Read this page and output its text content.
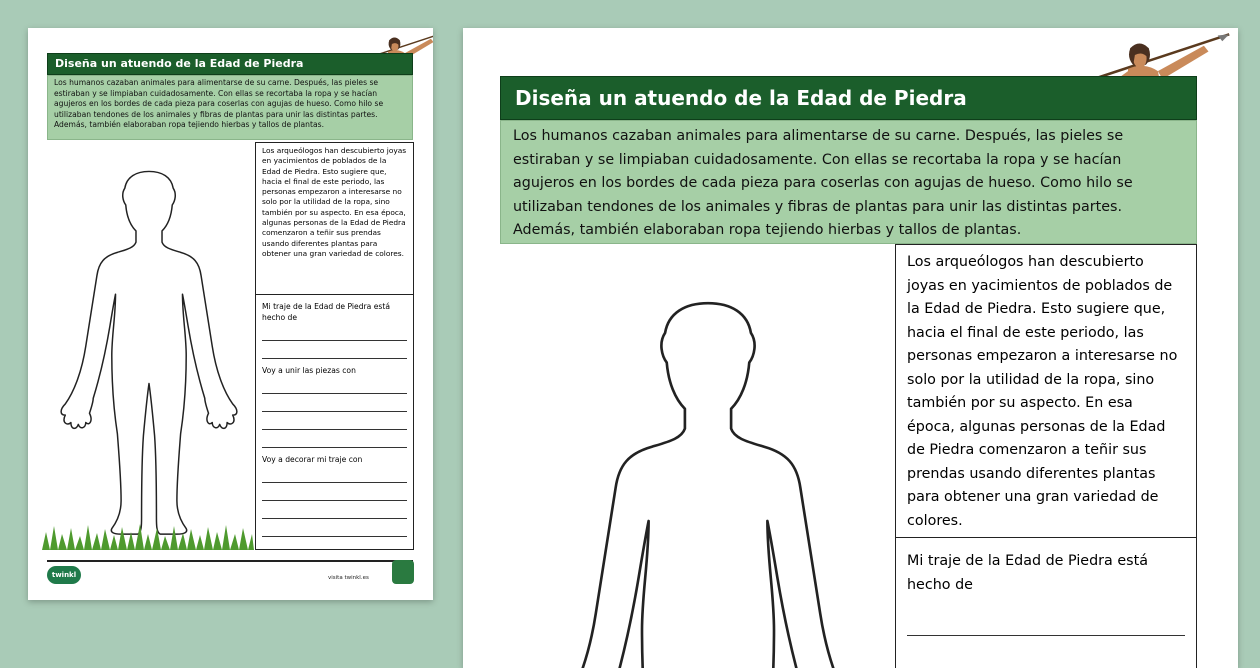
Diseña un atuendo de la Edad de Piedra
Los humanos cazaban animales para alimentarse de su carne. Después, las pieles se estiraban y se limpiaban cuidadosamente. Con ellas se recortaba la ropa y se hacían agujeros en los bordes de cada pieza para coserlas con agujas de hueso. Como hilo se utilizaban tendones de los animales y fibras de plantas para unir las distintas partes. Además, también elaboraban ropa tejiendo hierbas y tallos de plantas.
Los arqueólogos han descubierto joyas en yacimientos de poblados de la Edad de Piedra. Esto sugiere que, hacia el final de este periodo, las personas empezaron a interesarse no solo por la utilidad de la ropa, sino también por su aspecto. En esa época, algunas personas de la Edad de Piedra comenzaron a teñir sus prendas usando diferentes plantas para obtener una gran variedad de colores.
Mi traje de la Edad de Piedra está hecho de
Voy a unir las piezas con
Voy a decorar mi traje con
twinkl	visita twinkl.es
Diseña un atuendo de la Edad de Piedra
Los humanos cazaban animales para alimentarse de su carne. Después, las pieles se estiraban y se limpiaban cuidadosamente. Con ellas se recortaba la ropa y se hacían agujeros en los bordes de cada pieza para coserlas con agujas de hueso. Como hilo se utilizaban tendones de los animales y fibras de plantas para unir las distintas partes. Además, también elaboraban ropa tejiendo hierbas y tallos de plantas.
Los arqueólogos han descubierto joyas en yacimientos de poblados de la Edad de Piedra. Esto sugiere que, hacia el final de este periodo, las personas empezaron a interesarse no solo por la utilidad de la ropa, sino también por su aspecto. En esa época, algunas personas de la Edad de Piedra comenzaron a teñir sus prendas usando diferentes plantas para obtener una gran variedad de colores.
Mi traje de la Edad de Piedra está hecho de
